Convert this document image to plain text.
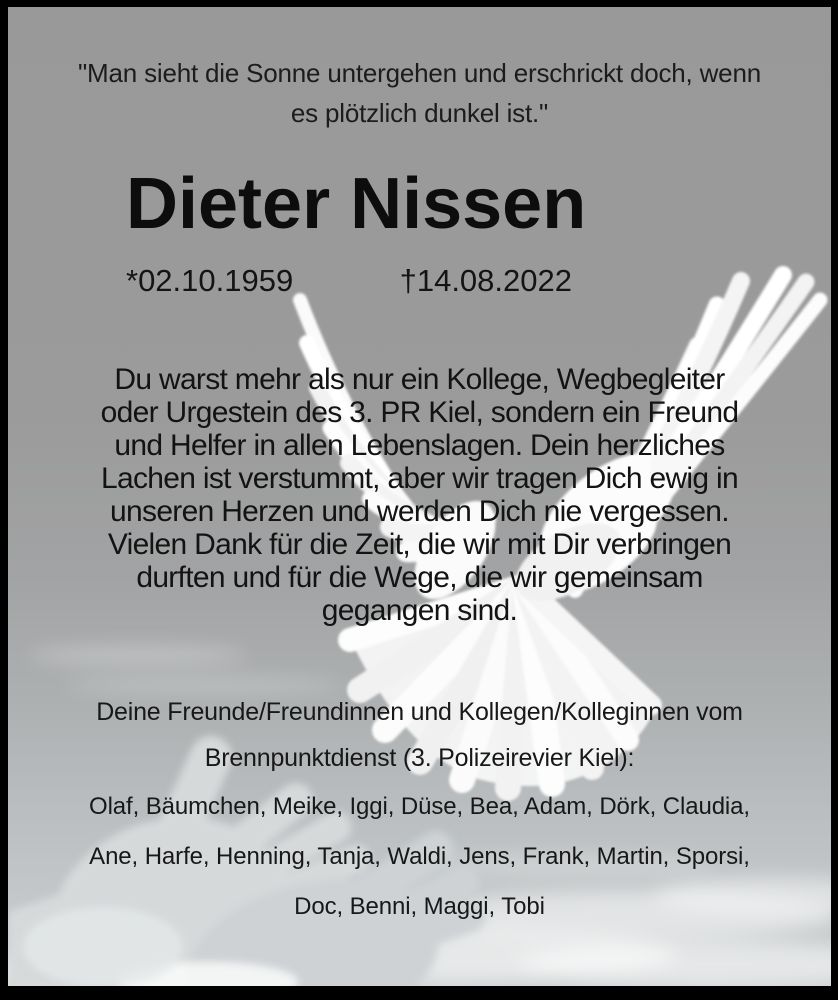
"Man sieht die Sonne untergehen und erschrickt doch, wenn
es plötzlich dunkel ist."
Dieter Nissen
*02.10.1959	†14.08.2022
Du warst mehr als nur ein Kollege, Wegbegleiter
oder Urgestein des 3. PR Kiel, sondern ein Freund
und Helfer in allen Lebenslagen. Dein herzliches
Lachen ist verstummt, aber wir tragen Dich ewig in
unseren Herzen und werden Dich nie vergessen.
Vielen Dank für die Zeit, die wir mit Dir verbringen
durften und für die Wege, die wir gemeinsam
gegangen sind.
Deine Freunde/Freundinnen und Kollegen/Kolleginnen vom
Brennpunktdienst (3. Polizeirevier Kiel):
Olaf, Bäumchen, Meike, Iggi, Düse, Bea, Adam, Dörk, Claudia,
Ane, Harfe, Henning, Tanja, Waldi, Jens, Frank, Martin, Sporsi,
Doc, Benni, Maggi, Tobi
